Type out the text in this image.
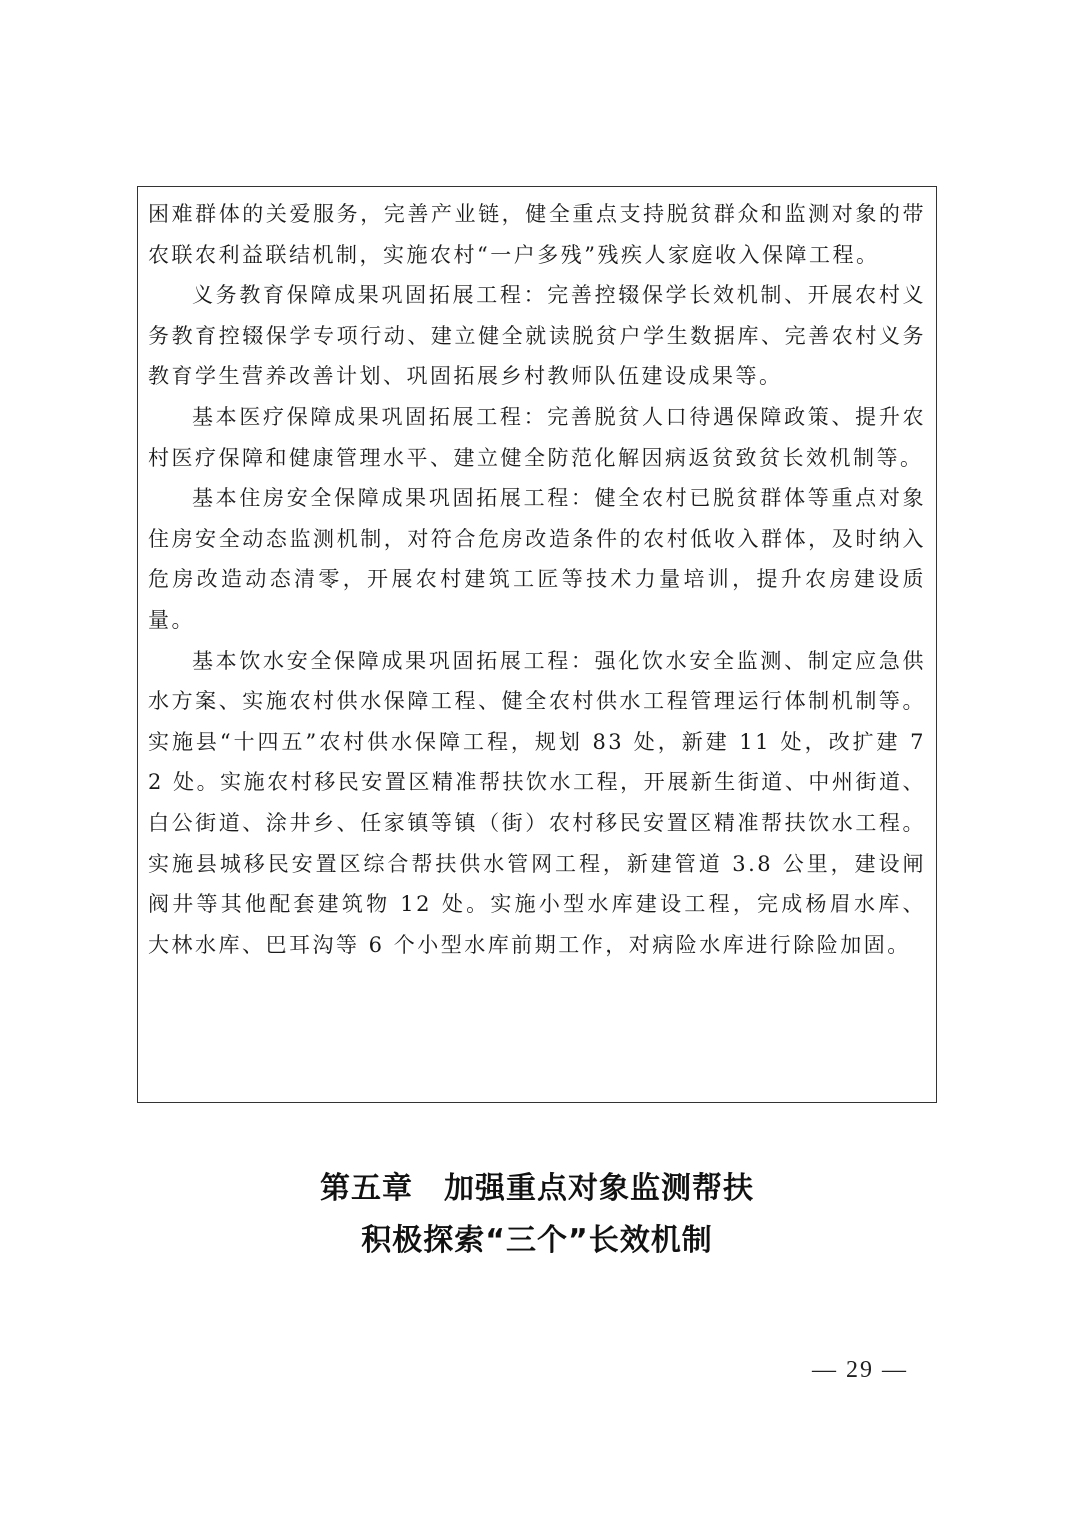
困难群体的关爱服务，完善产业链，健全重点支持脱贫群众和监测对象的带农联农利益联结机制，实施农村“一户多残”残疾人家庭收入保障工程。

义务教育保障成果巩固拓展工程：完善控辍保学长效机制、开展农村义务教育控辍保学专项行动、建立健全就读脱贫户学生数据库、完善农村义务教育学生营养改善计划、巩固拓展乡村教师队伍建设成果等。

基本医疗保障成果巩固拓展工程：完善脱贫人口待遇保障政策、提升农村医疗保障和健康管理水平、建立健全防范化解因病返贫致贫长效机制等。

基本住房安全保障成果巩固拓展工程：健全农村已脱贫群体等重点对象住房安全动态监测机制，对符合危房改造条件的农村低收入群体，及时纳入危房改造动态清零，开展农村建筑工匠等技术力量培训，提升农房建设质量。

基本饮水安全保障成果巩固拓展工程：强化饮水安全监测、制定应急供水方案、实施农村供水保障工程、健全农村供水工程管理运行体制机制等。实施县“十四五”农村供水保障工程，规划 83 处，新建 11 处，改扩建 72 处。实施农村移民安置区精准帮扶饮水工程，开展新生街道、中州街道、白公街道、涂井乡、任家镇等镇（街）农村移民安置区精准帮扶饮水工程。实施县城移民安置区综合帮扶供水管网工程，新建管道 3.8 公里，建设闸阀井等其他配套建筑物 12 处。实施小型水库建设工程，完成杨眉水库、大林水库、巴耳沟等 6 个小型水库前期工作，对病险水库进行除险加固。

第五章　加强重点对象监测帮扶
积极探索“三个”长效机制
— 29 —
